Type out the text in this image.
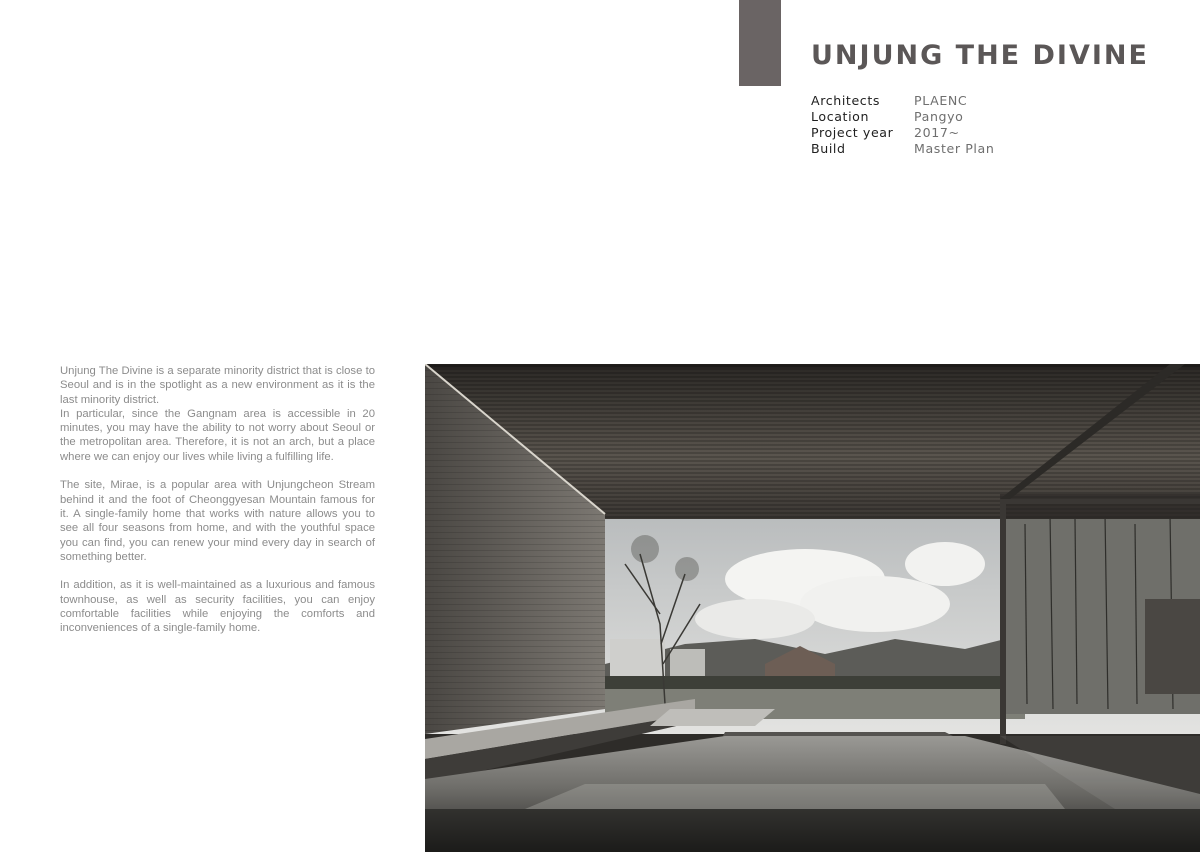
UNJUNG THE DIVINE
Architects	PLAENC
Location	Pangyo
Project year	2017~
Build	Master Plan

Unjung The Divine is a separate minority district that is close to Seoul and is in the spotlight as a new environment as it is the last minority district.
In particular, since the Gangnam area is accessible in 20 minutes, you may have the ability to not worry about Seoul or the metropolitan area. Therefore, it is not an arch, but a place where we can enjoy our lives while living a fulfilling life.

The site, Mirae, is a popular area with Unjungcheon Stream behind it and the foot of Cheonggyesan Mountain famous for it. A single-family home that works with nature allows you to see all four seasons from home, and with the youthful space you can find, you can renew your mind every day in search of something better.

In addition, as it is well-maintained as a luxurious and famous townhouse, as well as security facilities, you can enjoy comfortable facilities while enjoying the comforts and inconveniences of a single-family home.
